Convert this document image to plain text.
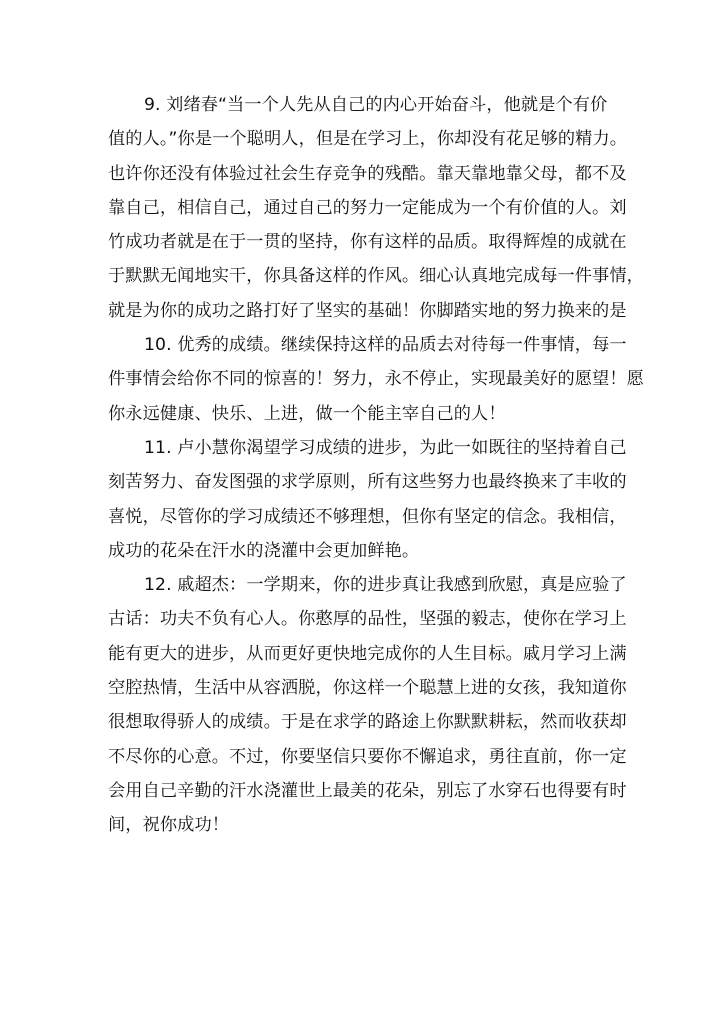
9. 刘绪春“当一个人先从自己的内心开始奋斗，他就是个有价
值的人。”你是一个聪明人，但是在学习上，你却没有花足够的精力。
也许你还没有体验过社会生存竞争的残酷。靠天靠地靠父母，都不及
靠自己，相信自己，通过自己的努力一定能成为一个有价值的人。刘
竹成功者就是在于一贯的坚持，你有这样的品质。取得辉煌的成就在
于默默无闻地实干，你具备这样的作风。细心认真地完成每一件事情，
就是为你的成功之路打好了坚实的基础！你脚踏实地的努力换来的是
10. 优秀的成绩。继续保持这样的品质去对待每一件事情，每一
件事情会给你不同的惊喜的！努力，永不停止，实现最美好的愿望！愿
你永远健康、快乐、上进，做一个能主宰自己的人！
11. 卢小慧你渴望学习成绩的进步，为此一如既往的坚持着自己
刻苦努力、奋发图强的求学原则，所有这些努力也最终换来了丰收的
喜悦，尽管你的学习成绩还不够理想，但你有坚定的信念。我相信，
成功的花朵在汗水的浇灌中会更加鲜艳。
12. 戚超杰：一学期来，你的进步真让我感到欣慰，真是应验了
古话：功夫不负有心人。你憨厚的品性，坚强的毅志，使你在学习上
能有更大的进步，从而更好更快地完成你的人生目标。戚月学习上满
空腔热情，生活中从容洒脱，你这样一个聪慧上进的女孩，我知道你
很想取得骄人的成绩。于是在求学的路途上你默默耕耘，然而收获却
不尽你的心意。不过，你要坚信只要你不懈追求，勇往直前，你一定
会用自己辛勤的汗水浇灌世上最美的花朵，别忘了水穿石也得要有时
间，祝你成功！
